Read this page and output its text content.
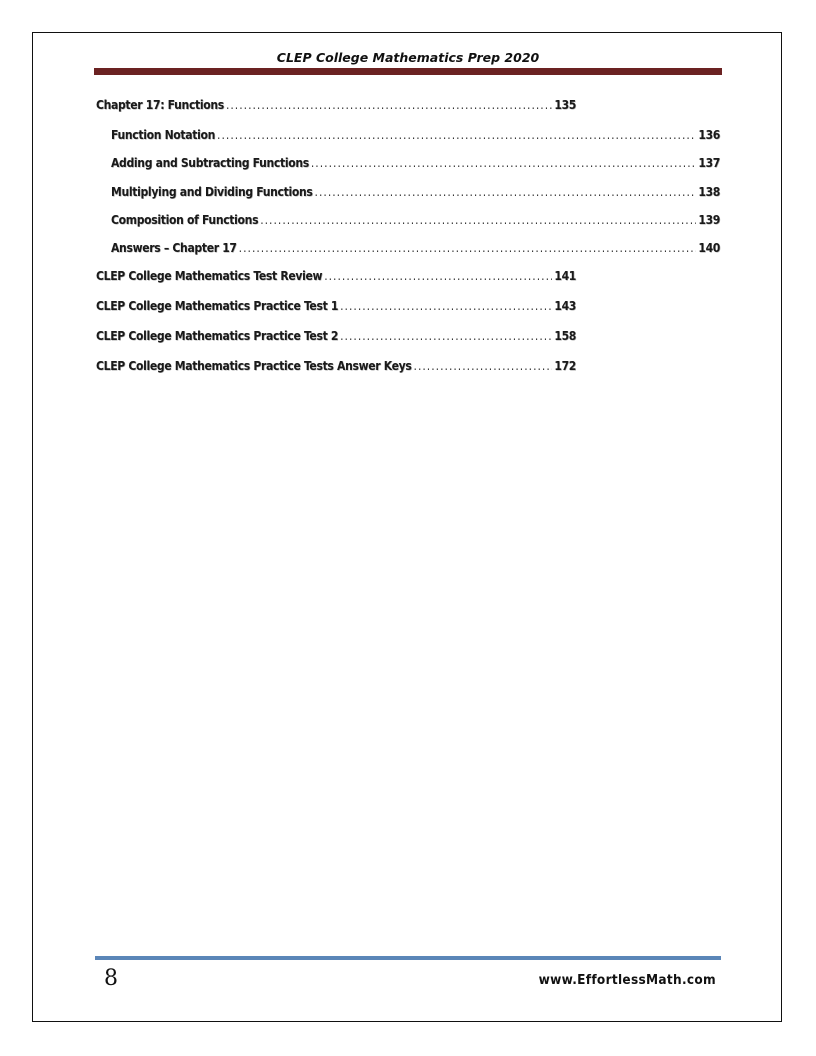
CLEP College Mathematics Prep 2020
Chapter 17: Functions .....	135
Function Notation .....	136
Adding and Subtracting Functions .....	137
Multiplying and Dividing Functions .....	138
Composition of Functions .....	139
Answers – Chapter 17 .....	140
CLEP College Mathematics Test Review .....	141
CLEP College Mathematics Practice Test 1 .....	143
CLEP College Mathematics Practice Test 2 .....	158
CLEP College Mathematics Practice Tests Answer Keys .....	172
8	www.EffortlessMath.com
